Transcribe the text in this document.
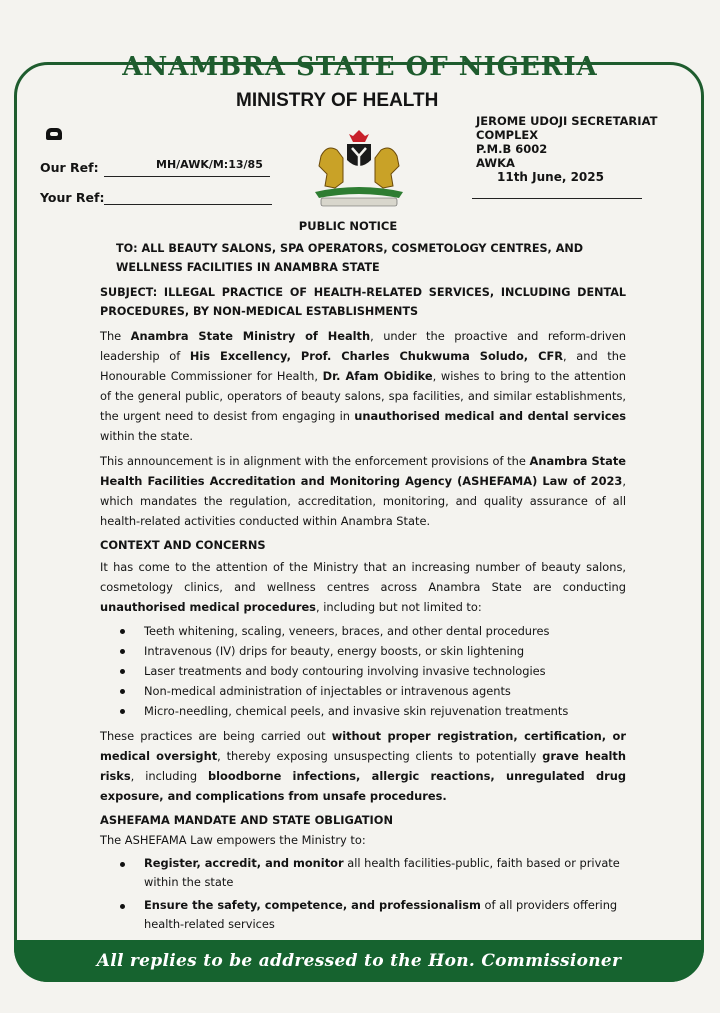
ANAMBRA STATE OF NIGERIA
MINISTRY OF HEALTH
Our Ref:	MH/AWK/M:13/85
Your Ref:
JEROME UDOJI SECRETARIAT
COMPLEX
P.M.B 6002
AWKA
11th June, 2025
PUBLIC NOTICE
TO: ALL BEAUTY SALONS, SPA OPERATORS, COSMETOLOGY CENTRES, AND WELLNESS FACILITIES IN ANAMBRA STATE
SUBJECT: ILLEGAL PRACTICE OF HEALTH-RELATED SERVICES, INCLUDING DENTAL PROCEDURES, BY NON-MEDICAL ESTABLISHMENTS
The Anambra State Ministry of Health, under the proactive and reform-driven leadership of His Excellency, Prof. Charles Chukwuma Soludo, CFR, and the Honourable Commissioner for Health, Dr. Afam Obidike, wishes to bring to the attention of the general public, operators of beauty salons, spa facilities, and similar establishments, the urgent need to desist from engaging in unauthorised medical and dental services within the state.
This announcement is in alignment with the enforcement provisions of the Anambra State Health Facilities Accreditation and Monitoring Agency (ASHEFAMA) Law of 2023, which mandates the regulation, accreditation, monitoring, and quality assurance of all health-related activities conducted within Anambra State.
CONTEXT AND CONCERNS
It has come to the attention of the Ministry that an increasing number of beauty salons, cosmetology clinics, and wellness centres across Anambra State are conducting unauthorised medical procedures, including but not limited to:
Teeth whitening, scaling, veneers, braces, and other dental procedures
Intravenous (IV) drips for beauty, energy boosts, or skin lightening
Laser treatments and body contouring involving invasive technologies
Non-medical administration of injectables or intravenous agents
Micro-needling, chemical peels, and invasive skin rejuvenation treatments
These practices are being carried out without proper registration, certification, or medical oversight, thereby exposing unsuspecting clients to potentially grave health risks, including bloodborne infections, allergic reactions, unregulated drug exposure, and complications from unsafe procedures.
ASHEFAMA MANDATE AND STATE OBLIGATION
The ASHEFAMA Law empowers the Ministry to:
Register, accredit, and monitor all health facilities-public, faith based or private within the state
Ensure the safety, competence, and professionalism of all providers offering health-related services
All replies to be addressed to the Hon. Commissioner
